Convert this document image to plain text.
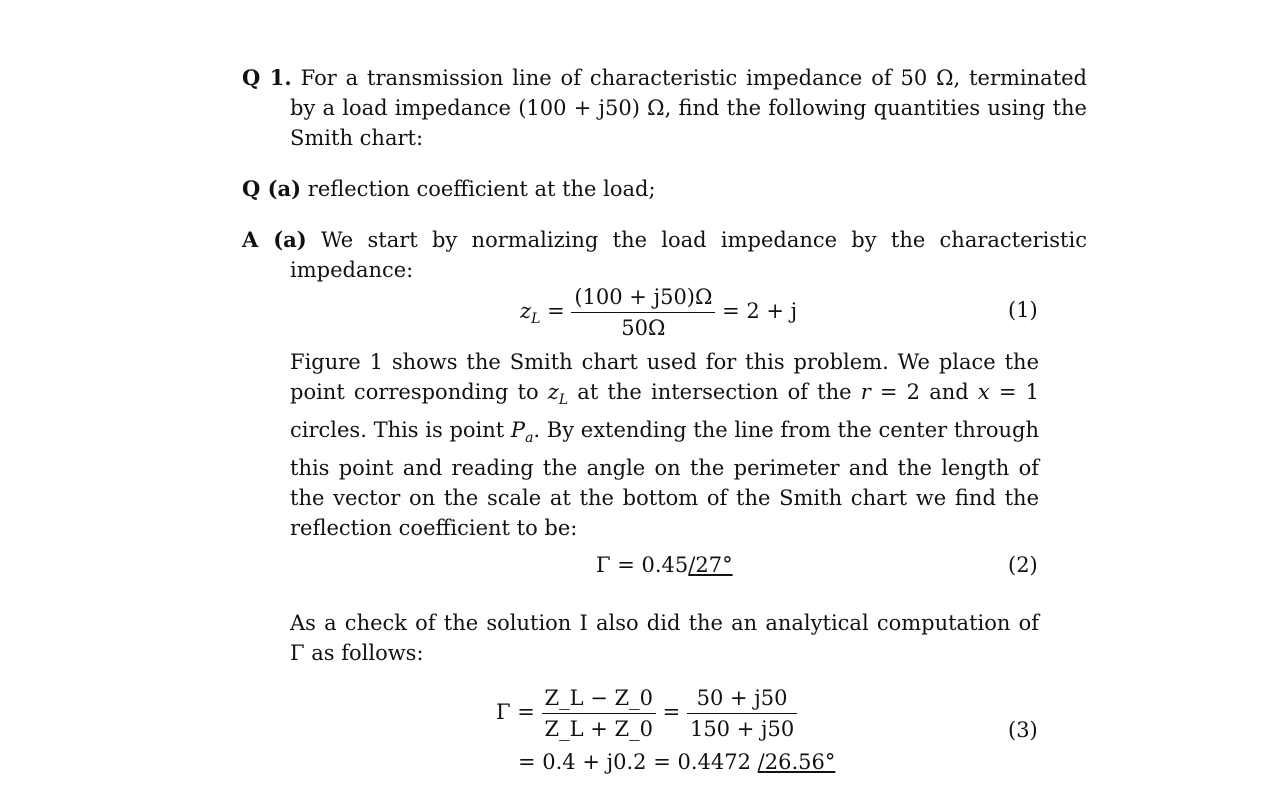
Q 1. For a transmission line of characteristic impedance of 50 Ω, terminated by a load impedance (100 + j50) Ω, find the following quantities using the Smith chart:
Q (a) reflection coefficient at the load;
A (a) We start by normalizing the load impedance by the characteristic impedance:
$z_L = \frac{(100 + j50)\Omega}{50\Omega} = 2 + j$	(1)
Figure 1 shows the Smith chart used for this problem. We place the point corresponding to $z_L$ at the intersection of the r = 2 and x = 1 circles. This is point $P_a$. By extending the line from the center through this point and reading the angle on the perimeter and the length of the vector on the scale at the bottom of the Smith chart we find the reflection coefficient to be:
Γ = 0.45 / 27°	(2)
As a check of the solution I also did the an analytical computation of Γ as follows:
$\Gamma = \frac{Z\_L - Z\_0}{Z\_L + Z\_0} = \frac{50 + j50}{150 + j50}$
= 0.4 + j0.2 = 0.4472 / 26.56°
(3)
